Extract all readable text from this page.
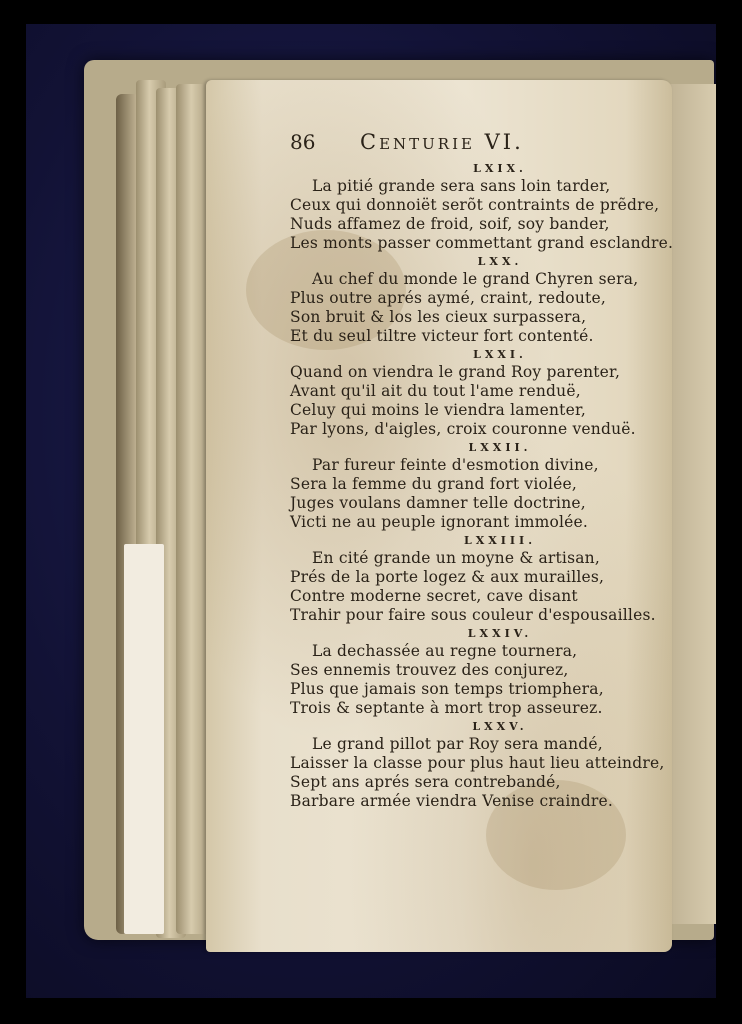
86	Centurie VI.
LXIX.
La pitié grande sera sans loin tarder,
Ceux qui donnoiët serõt contraints de prẽdre,
Nuds affamez de froid, soif, soy bander,
Les monts passer commettant grand esclandre.
LXX.
Au chef du monde le grand Chyren sera,
Plus outre aprés aymé, craint, redoute,
Son bruit & los les cieux surpassera,
Et du seul tiltre victeur fort contenté.
LXXI.
Quand on viendra le grand Roy parenter,
Avant qu'il ait du tout l'ame renduë,
Celuy qui moins le viendra lamenter,
Par lyons, d'aigles, croix couronne venduë.
LXXII.
Par fureur feinte d'esmotion divine,
Sera la femme du grand fort violée,
Juges voulans damner telle doctrine,
Victi ne au peuple ignorant immolée.
LXXIII.
En cité grande un moyne & artisan,
Prés de la porte logez & aux murailles,
Contre moderne secret, cave disant
Trahir pour faire sous couleur d'espousailles.
LXXIV.
La dechassée au regne tournera,
Ses ennemis trouvez des conjurez,
Plus que jamais son temps triomphera,
Trois & septante à mort trop asseurez.
LXXV.
Le grand pillot par Roy sera mandé,
Laisser la classe pour plus haut lieu atteindre,
Sept ans aprés sera contrebandé,
Barbare armée viendra Venise craindre.
